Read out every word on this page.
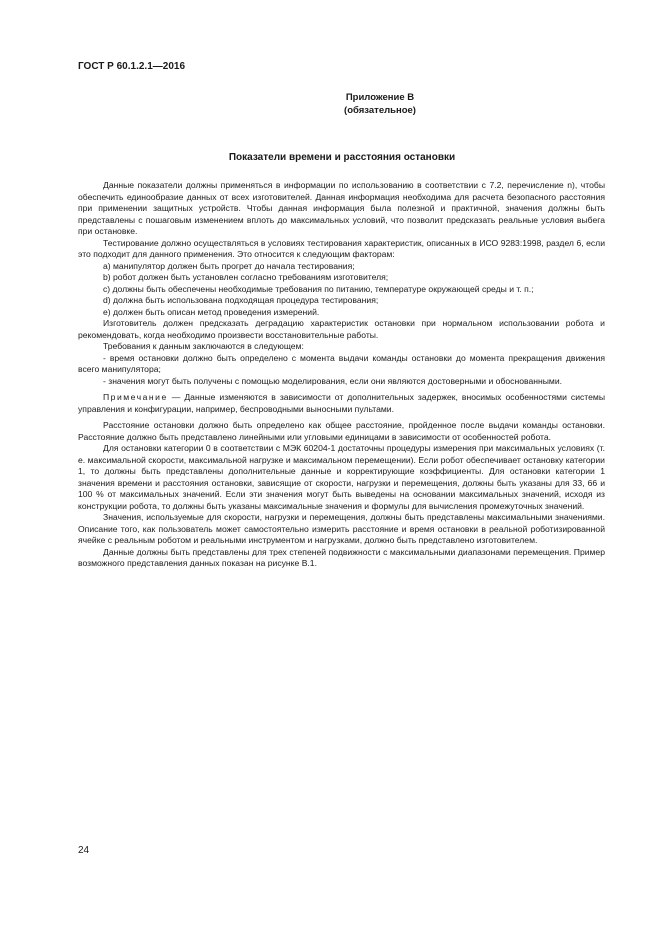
ГОСТ Р 60.1.2.1—2016
Приложение В
(обязательное)
Показатели времени и расстояния остановки

Данные показатели должны применяться в информации по использованию в соответствии с 7.2, перечисление n), чтобы обеспечить единообразие данных от всех изготовителей. Данная информация необходима для расчета безопасного расстояния при применении защитных устройств. Чтобы данная информация была полезной и практичной, значения должны быть представлены с пошаговым изменением вплоть до максимальных условий, что позволит предсказать реальные условия выбега при остановке.

Тестирование должно осуществляться в условиях тестирования характеристик, описанных в ИСО 9283:1998, раздел 6, если это подходит для данного применения. Это относится к следующим факторам:

a) манипулятор должен быть прогрет до начала тестирования;

b) робот должен быть установлен согласно требованиям изготовителя;

c) должны быть обеспечены необходимые требования по питанию, температуре окружающей среды и т. п.;

d) должна быть использована подходящая процедура тестирования;

e) должен быть описан метод проведения измерений.

Изготовитель должен предсказать деградацию характеристик остановки при нормальном использовании робота и рекомендовать, когда необходимо произвести восстановительные работы.

Требования к данным заключаются в следующем:

- время остановки должно быть определено с момента выдачи команды остановки до момента прекращения движения всего манипулятора;

- значения могут быть получены с помощью моделирования, если они являются достоверными и обоснованными.

Примечание — Данные изменяются в зависимости от дополнительных задержек, вносимых особенностями системы управления и конфигурации, например, беспроводными выносными пультами.

Расстояние остановки должно быть определено как общее расстояние, пройденное после выдачи команды остановки. Расстояние должно быть представлено линейными или угловыми единицами в зависимости от особенностей робота.

Для остановки категории 0 в соответствии с МЭК 60204-1 достаточны процедуры измерения при максимальных условиях (т. е. максимальной скорости, максимальной нагрузке и максимальном перемещении). Если робот обеспечивает остановку категории 1, то должны быть представлены дополнительные данные и корректирующие коэффициенты. Для остановки категории 1 значения времени и расстояния остановки, зависящие от скорости, нагрузки и перемещения, должны быть указаны для 33, 66 и 100 % от максимальных значений. Если эти значения могут быть выведены на основании максимальных значений, исходя из конструкции робота, то должны быть указаны максимальные значения и формулы для вычисления промежуточных значений.

Значения, используемые для скорости, нагрузки и перемещения, должны быть представлены максимальными значениями. Описание того, как пользователь может самостоятельно измерить расстояние и время остановки в реальной роботизированной ячейке с реальным роботом и реальными инструментом и нагрузками, должно быть представлено изготовителем.

Данные должны быть представлены для трех степеней подвижности с максимальными диапазонами перемещения. Пример возможного представления данных показан на рисунке В.1.

24
